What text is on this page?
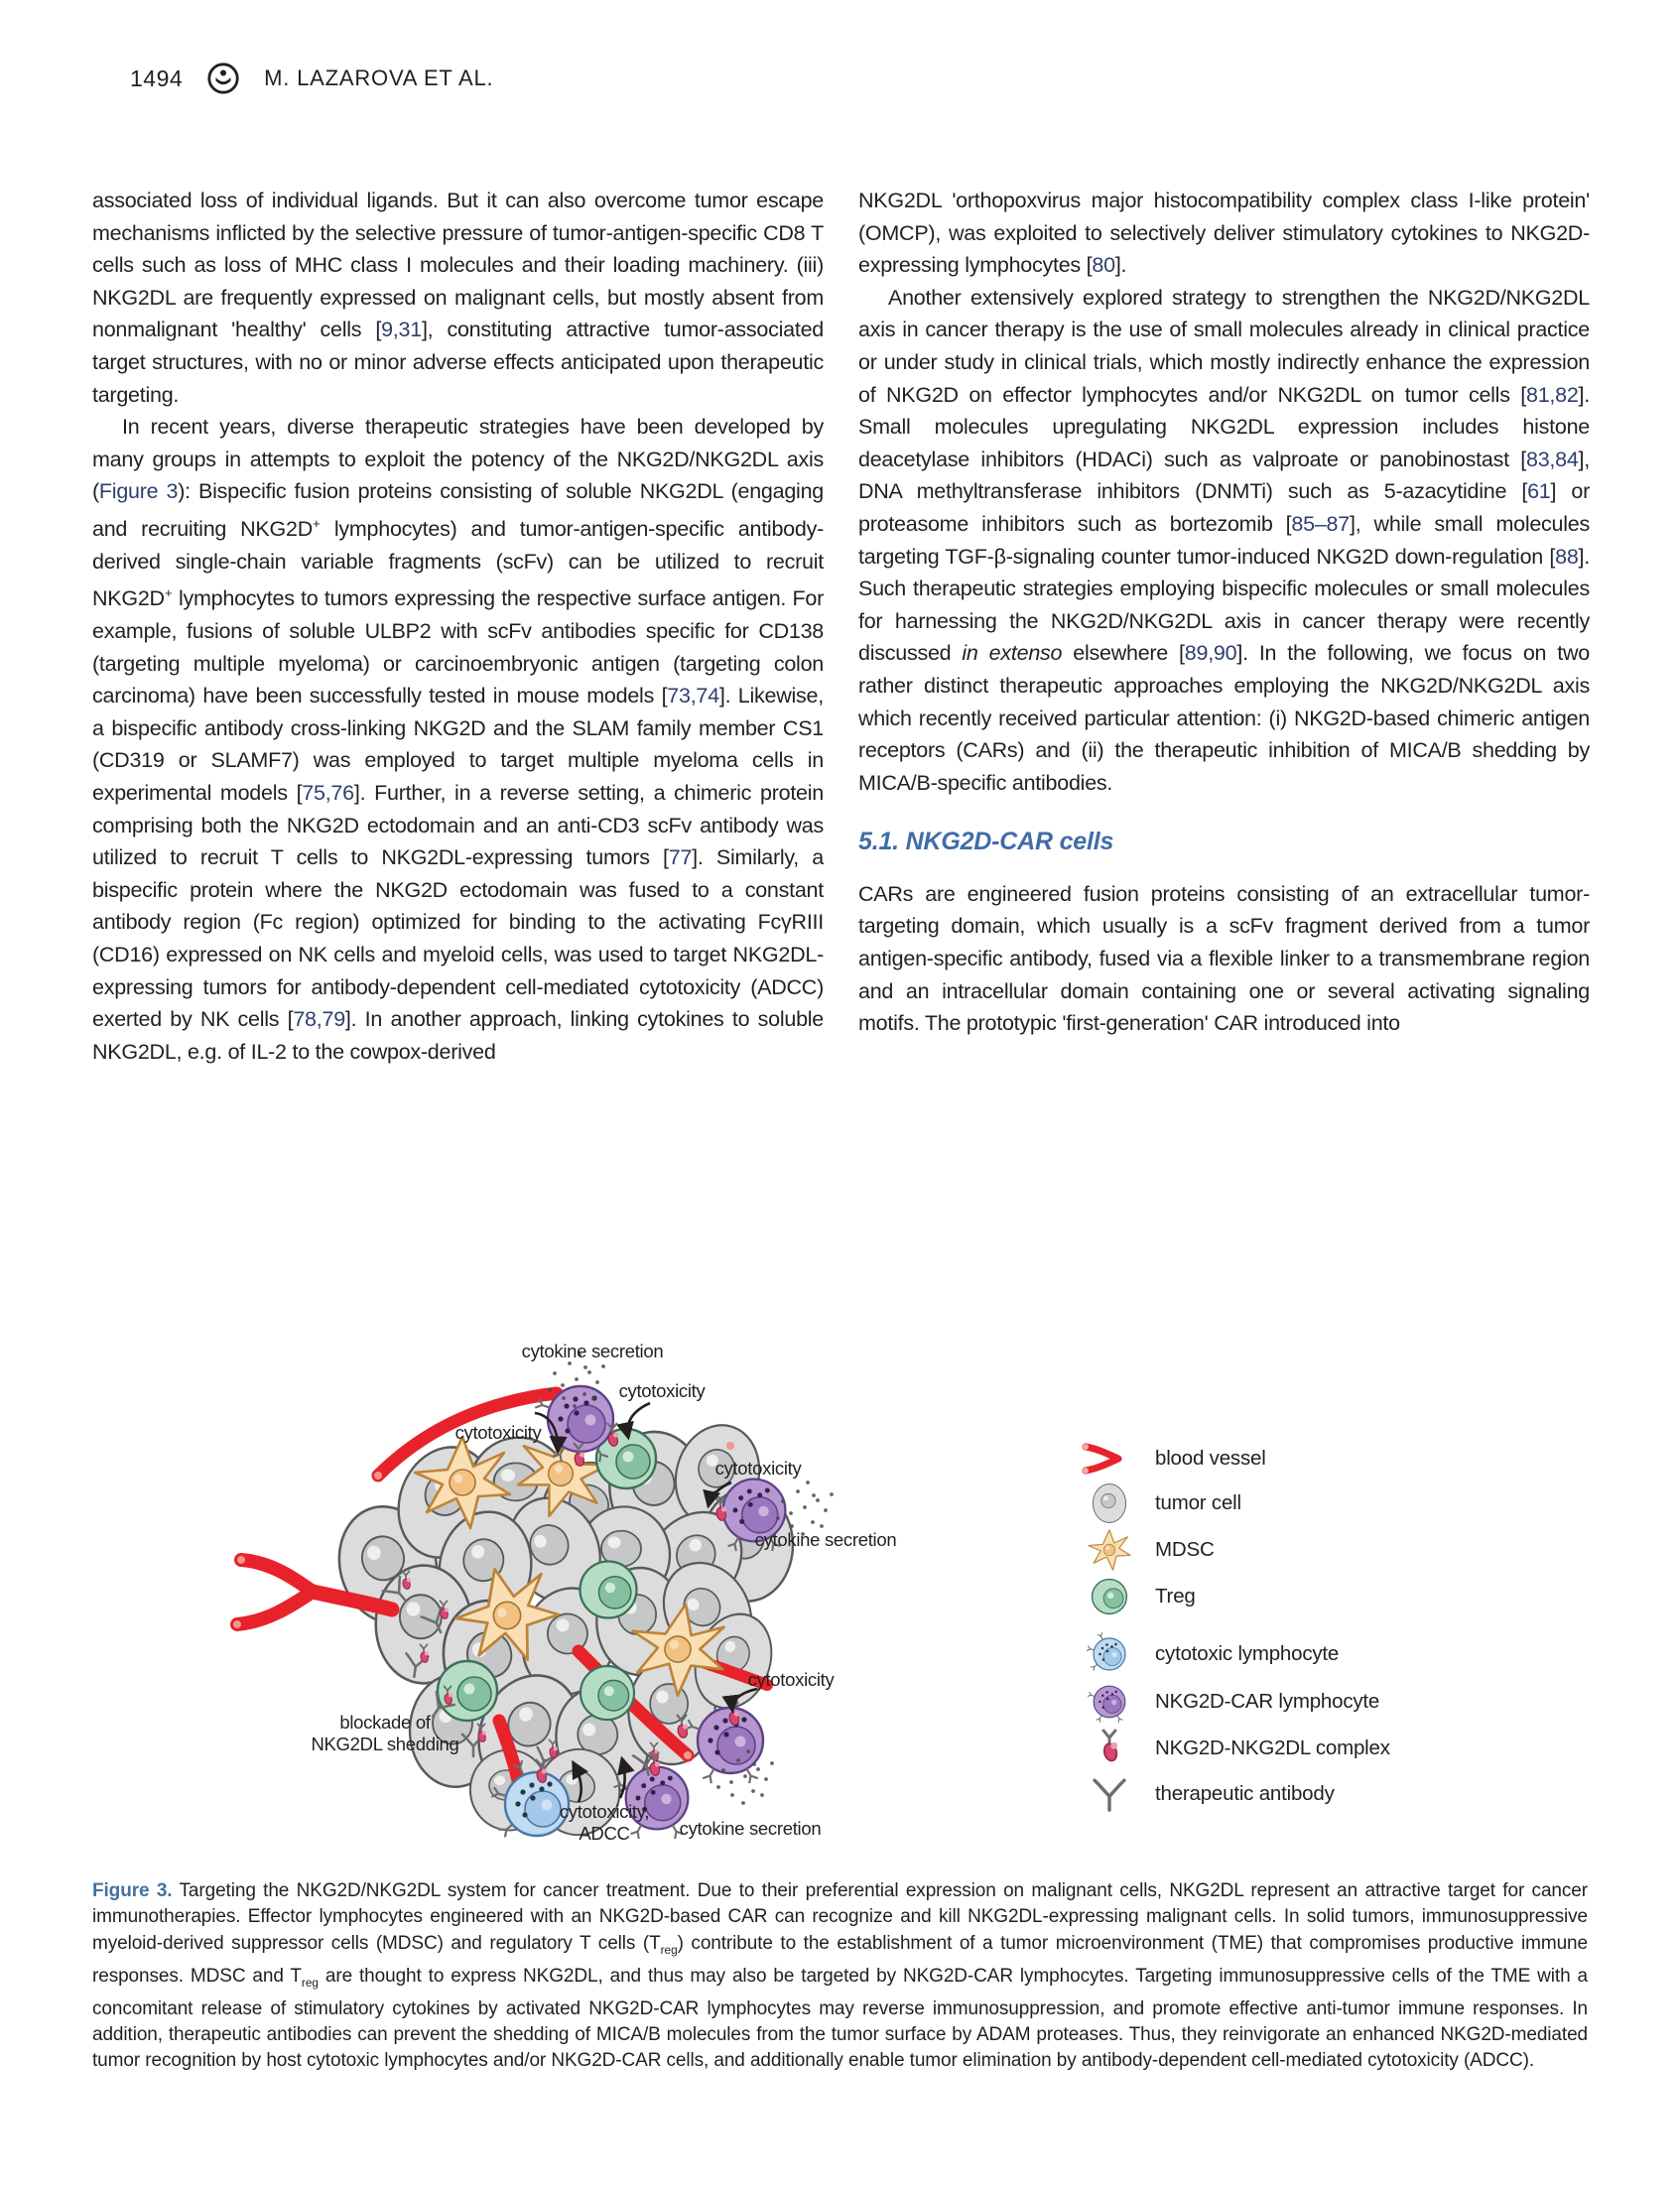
1494	M. LAZAROVA ET AL.

associated loss of individual ligands. But it can also overcome tumor escape mechanisms inflicted by the selective pressure of tumor-antigen-specific CD8 T cells such as loss of MHC class I molecules and their loading machinery. (iii) NKG2DL are frequently expressed on malignant cells, but mostly absent from nonmalignant 'healthy' cells [9,31], constituting attractive tumor-associated target structures, with no or minor adverse effects anticipated upon therapeutic targeting.

In recent years, diverse therapeutic strategies have been developed by many groups in attempts to exploit the potency of the NKG2D/NKG2DL axis (Figure 3): Bispecific fusion proteins consisting of soluble NKG2DL (engaging and recruiting NKG2D+ lymphocytes) and tumor-antigen-specific antibody-derived single-chain variable fragments (scFv) can be utilized to recruit NKG2D+ lymphocytes to tumors expressing the respective surface antigen. For example, fusions of soluble ULBP2 with scFv antibodies specific for CD138 (targeting multiple myeloma) or carcinoembryonic antigen (targeting colon carcinoma) have been successfully tested in mouse models [73,74]. Likewise, a bispecific antibody cross-linking NKG2D and the SLAM family member CS1 (CD319 or SLAMF7) was employed to target multiple myeloma cells in experimental models [75,76]. Further, in a reverse setting, a chimeric protein comprising both the NKG2D ectodomain and an anti-CD3 scFv antibody was utilized to recruit T cells to NKG2DL-expressing tumors [77]. Similarly, a bispecific protein where the NKG2D ectodomain was fused to a constant antibody region (Fc region) optimized for binding to the activating FcγRIII (CD16) expressed on NK cells and myeloid cells, was used to target NKG2DL-expressing tumors for antibody-dependent cell-mediated cytotoxicity (ADCC) exerted by NK cells [78,79]. In another approach, linking cytokines to soluble NKG2DL, e.g. of IL-2 to the cowpox-derived

NKG2DL 'orthopoxvirus major histocompatibility complex class I-like protein' (OMCP), was exploited to selectively deliver stimulatory cytokines to NKG2D-expressing lymphocytes [80].

Another extensively explored strategy to strengthen the NKG2D/NKG2DL axis in cancer therapy is the use of small molecules already in clinical practice or under study in clinical trials, which mostly indirectly enhance the expression of NKG2D on effector lymphocytes and/or NKG2DL on tumor cells [81,82]. Small molecules upregulating NKG2DL expression includes histone deacetylase inhibitors (HDACi) such as valproate or panobinostast [83,84], DNA methyltransferase inhibitors (DNMTi) such as 5-azacytidine [61] or proteasome inhibitors such as bortezomib [85–87], while small molecules targeting TGF-β-signaling counter tumor-induced NKG2D down-regulation [88]. Such therapeutic strategies employing bispecific molecules or small molecules for harnessing the NKG2D/NKG2DL axis in cancer therapy were recently discussed in extenso elsewhere [89,90]. In the following, we focus on two rather distinct therapeutic approaches employing the NKG2D/NKG2DL axis which recently received particular attention: (i) NKG2D-based chimeric antigen receptors (CARs) and (ii) the therapeutic inhibition of MICA/B shedding by MICA/B-specific antibodies.

5.1. NKG2D-CAR cells

CARs are engineered fusion proteins consisting of an extracellular tumor-targeting domain, which usually is a scFv fragment derived from a tumor antigen-specific antibody, fused via a flexible linker to a transmembrane region and an intracellular domain containing one or several activating signaling motifs. The prototypic 'first-generation' CAR introduced into

cytokine secretion
cytotoxicity
cytotoxicity
cytotoxicity
cytokine secretion
cytotoxicity
blockade of
NKG2DL shedding
cytotoxicity,
ADCC	cytokine secretion
blood vessel
tumor cell
MDSC
Treg
cytotoxic lymphocyte
NKG2D-CAR lymphocyte
NKG2D-NKG2DL complex
therapeutic antibody

Figure 3. Targeting the NKG2D/NKG2DL system for cancer treatment. Due to their preferential expression on malignant cells, NKG2DL represent an attractive target for cancer immunotherapies. Effector lymphocytes engineered with an NKG2D-based CAR can recognize and kill NKG2DL-expressing malignant cells. In solid tumors, immunosuppressive myeloid-derived suppressor cells (MDSC) and regulatory T cells $(T_{reg})$ contribute to the establishment of a tumor microenvironment (TME) that compromises productive immune responses. MDSC and $T_{reg}$ are thought to express NKG2DL, and thus may also be targeted by NKG2D-CAR lymphocytes. Targeting immunosuppressive cells of the TME with a concomitant release of stimulatory cytokines by activated NKG2D-CAR lymphocytes may reverse immunosuppression, and promote effective anti-tumor immune responses. In addition, therapeutic antibodies can prevent the shedding of MICA/B molecules from the tumor surface by ADAM proteases. Thus, they reinvigorate an enhanced NKG2D-mediated tumor recognition by host cytotoxic lymphocytes and/or NKG2D-CAR cells, and additionally enable tumor elimination by antibody-dependent cell-mediated cytotoxicity (ADCC).
